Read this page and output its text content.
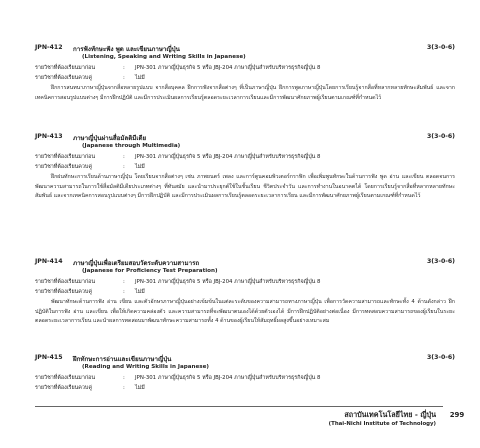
JPN-412 การฟังทักษะฟัง พูด และเขียนภาษาญี่ปุ่น	3(3-0-6)
(Listening, Speaking and Writing Skills in Japanese)
รายวิชาที่ต้องเรียนมาก่อน	: JPN-301 ภาษาญี่ปุ่นธุรกิจ 5 หรือ JBJ-204 ภาษาญี่ปุ่นสำหรับบริหารธุรกิจญี่ปุ่น 8
รายวิชาที่ต้องเรียนควบคู่	: ไม่มี
ฝึกการสนทนาภาษาญี่ปุ่นจากสื่อหลายรูปแบบ จากสื่อบุคคล ฝึกการฟังจากสื่อต่างๆ ที่เป็นภาษาญี่ปุ่น ฝึกการพูดภาษาญี่ปุ่นโดยการเรียนรู้จากสื่อที่หลากหลายทักษะสัมพันธ์ และจากเทคนิคการสอนรูปแบบต่างๆ มีการฝึกปฏิบัติ และมีการประเมินผลการเรียนรู้ตลอดระยะเวลาการเรียนและมีการพัฒนาศักยภาพผู้เรียนตามเกณฑ์ที่กำหนดไว้
JPN-413 ภาษาญี่ปุ่นผ่านสื่อมัลติมีเดีย	3(3-0-6)
(Japanese through Multimedia)
รายวิชาที่ต้องเรียนมาก่อน	: JPN-301 ภาษาญี่ปุ่นธุรกิจ 5 หรือ JBJ-204 ภาษาญี่ปุ่นสำหรับบริหารธุรกิจญี่ปุ่น 8
รายวิชาที่ต้องเรียนควบคู่	: ไม่มี
ฝึกฝนทักษะการเรียนด้านภาษาญี่ปุ่น โดยเรียนจากสื่อต่างๆ เช่น ภาพยนตร์ เพลง และการ์ตูนคอมพิวเตอร์กราฟิก เพื่อเพิ่มพูนทักษะในด้านการฟัง พูด อ่าน และเขียน ตลอดจนการพัฒนาความสามารถในการใช้สื่อมัลติมีเดียประเภทต่างๆ ที่ทันสมัย และนำมาประยุกต์ใช้ในชั้นเรียน ชีวิตประจำวัน และการทำงานในอนาคตได้ โดยการเรียนรู้จากสื่อที่หลากหลายทักษะสัมพันธ์ และจากเทคนิคการสอนรูปแบบต่างๆ มีการฝึกปฏิบัติ และมีการประเมินผลการเรียนรู้ตลอดระยะเวลาการเรียน และมีการพัฒนาศักยภาพผู้เรียนตามเกณฑ์ที่กำหนดไว้
JPN-414 ภาษาญี่ปุ่นเพื่อเตรียมสอบวัดระดับความสามารถ	3(3-0-6)
(Japanese for Proficiency Test Preparation)
รายวิชาที่ต้องเรียนมาก่อน	: JPN-301 ภาษาญี่ปุ่นธุรกิจ 5 หรือ JBJ-204 ภาษาญี่ปุ่นสำหรับบริหารธุรกิจญี่ปุ่น 8
รายวิชาที่ต้องเรียนควบคู่	: ไม่มี
พัฒนาทักษะด้านการฟัง อ่าน เขียน และตัวอักษรภาษาญี่ปุ่นอย่างเข้มข้นในแต่ละระดับของความสามารถทางภาษาญี่ปุ่น เพื่อการวัดความสามารถและทักษะทั้ง 4 ด้านดังกล่าว ฝึกปฏิบัติในการฟัง อ่าน และเขียน เพื่อให้เกิดความคล่องตัว และความสามารถที่จะพัฒนาตนเองได้ด้วยตัวเองได้ มีการฝึกปฏิบัติอย่างต่อเนื่อง มีการทดสอบความสามารถของผู้เรียนในระยะตลอดระยะเวลาการเรียน และนำผลการทดสอบมาพัฒนาทักษะความสามารถทั้ง 4 ด้านของผู้เรียนให้สัมฤทธิ์ผลสูงขึ้นอย่างเหมาะสม
JPN-415 ฝึกทักษะการอ่านและเขียนภาษาญี่ปุ่น	3(3-0-6)
(Reading and Writing Skills in Japanese)
รายวิชาที่ต้องเรียนมาก่อน	: JPN-301 ภาษาญี่ปุ่นธุรกิจ 5 หรือ JBJ-204 ภาษาญี่ปุ่นสำหรับบริหารธุรกิจญี่ปุ่น 8
รายวิชาที่ต้องเรียนควบคู่	: ไม่มี
สถาบันเทคโนโลยีไทย - ญี่ปุ่น
(Thai-Nichi Institute of Technology)
299
